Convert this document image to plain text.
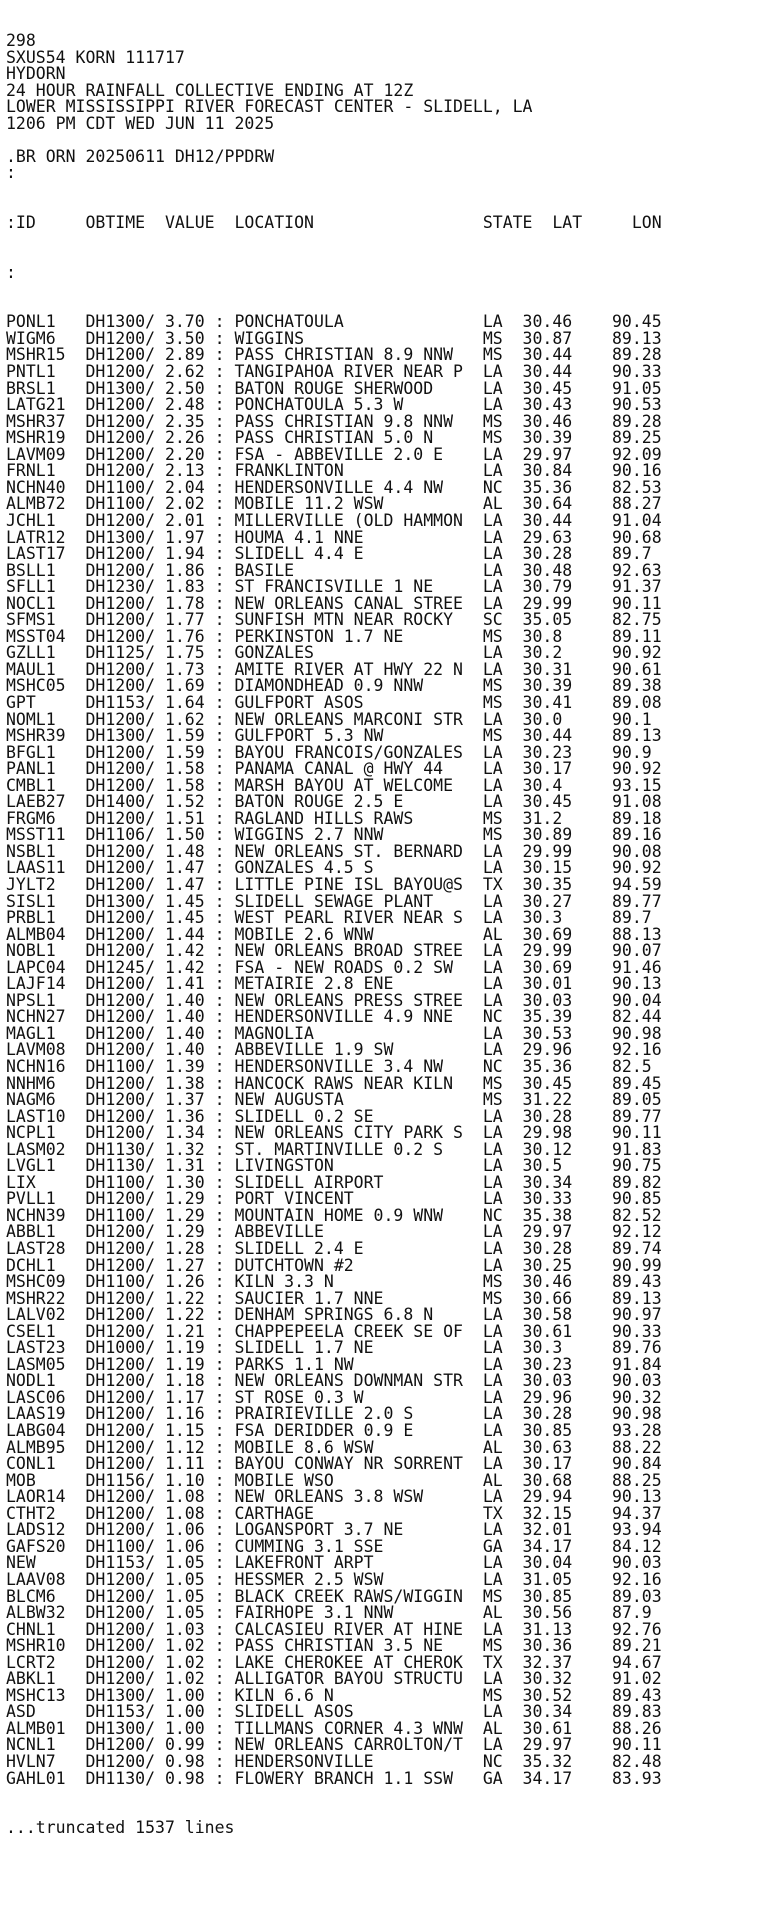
298
SXUS54 KORN 111717
HYDORN
24 HOUR RAINFALL COLLECTIVE ENDING AT 12Z
LOWER MISSISSIPPI RIVER FORECAST CENTER - SLIDELL, LA
1206 PM CDT WED JUN 11 2025
.BR ORN 20250611 DH12/PPDRW
:

:ID     OBTIME  VALUE  LOCATION                 STATE  LAT     LON

:

PONL1   DH1300/ 3.70 : PONCHATOULA              LA  30.46    90.45
WIGM6   DH1200/ 3.50 : WIGGINS                  MS  30.87    89.13
MSHR15  DH1200/ 2.89 : PASS CHRISTIAN 8.9 NNW   MS  30.44    89.28
PNTL1   DH1200/ 2.62 : TANGIPAHOA RIVER NEAR P  LA  30.44    90.33
BRSL1   DH1300/ 2.50 : BATON ROUGE SHERWOOD     LA  30.45    91.05
LATG21  DH1200/ 2.48 : PONCHATOULA 5.3 W        LA  30.43    90.53
MSHR37  DH1200/ 2.35 : PASS CHRISTIAN 9.8 NNW   MS  30.46    89.28
MSHR19  DH1200/ 2.26 : PASS CHRISTIAN 5.0 N     MS  30.39    89.25
LAVM09  DH1200/ 2.20 : FSA - ABBEVILLE 2.0 E    LA  29.97    92.09
FRNL1   DH1200/ 2.13 : FRANKLINTON              LA  30.84    90.16
NCHN40  DH1100/ 2.04 : HENDERSONVILLE 4.4 NW    NC  35.36    82.53
ALMB72  DH1100/ 2.02 : MOBILE 11.2 WSW          AL  30.64    88.27
JCHL1   DH1200/ 2.01 : MILLERVILLE (OLD HAMMON  LA  30.44    91.04
LATR12  DH1300/ 1.97 : HOUMA 4.1 NNE            LA  29.63    90.68
LAST17  DH1200/ 1.94 : SLIDELL 4.4 E            LA  30.28    89.7
BSLL1   DH1200/ 1.86 : BASILE                   LA  30.48    92.63
SFLL1   DH1230/ 1.83 : ST FRANCISVILLE 1 NE     LA  30.79    91.37
NOCL1   DH1200/ 1.78 : NEW ORLEANS CANAL STREE  LA  29.99    90.11
SFMS1   DH1200/ 1.77 : SUNFISH MTN NEAR ROCKY   SC  35.05    82.75
MSST04  DH1200/ 1.76 : PERKINSTON 1.7 NE        MS  30.8     89.11
GZLL1   DH1125/ 1.75 : GONZALES                 LA  30.2     90.92
MAUL1   DH1200/ 1.73 : AMITE RIVER AT HWY 22 N  LA  30.31    90.61
MSHC05  DH1200/ 1.69 : DIAMONDHEAD 0.9 NNW      MS  30.39    89.38
GPT     DH1153/ 1.64 : GULFPORT ASOS            MS  30.41    89.08
NOML1   DH1200/ 1.62 : NEW ORLEANS MARCONI STR  LA  30.0     90.1
MSHR39  DH1300/ 1.59 : GULFPORT 5.3 NW          MS  30.44    89.13
BFGL1   DH1200/ 1.59 : BAYOU FRANCOIS/GONZALES  LA  30.23    90.9
PANL1   DH1200/ 1.58 : PANAMA CANAL @ HWY 44    LA  30.17    90.92
CMBL1   DH1200/ 1.58 : MARSH BAYOU AT WELCOME   LA  30.4     93.15
LAEB27  DH1400/ 1.52 : BATON ROUGE 2.5 E        LA  30.45    91.08
FRGM6   DH1200/ 1.51 : RAGLAND HILLS RAWS       MS  31.2     89.18
MSST11  DH1106/ 1.50 : WIGGINS 2.7 NNW          MS  30.89    89.16
NSBL1   DH1200/ 1.48 : NEW ORLEANS ST. BERNARD  LA  29.99    90.08
LAAS11  DH1200/ 1.47 : GONZALES 4.5 S           LA  30.15    90.92
JYLT2   DH1200/ 1.47 : LITTLE PINE ISL BAYOU@S  TX  30.35    94.59
SISL1   DH1300/ 1.45 : SLIDELL SEWAGE PLANT     LA  30.27    89.77
PRBL1   DH1200/ 1.45 : WEST PEARL RIVER NEAR S  LA  30.3     89.7
ALMB04  DH1200/ 1.44 : MOBILE 2.6 WNW           AL  30.69    88.13
NOBL1   DH1200/ 1.42 : NEW ORLEANS BROAD STREE  LA  29.99    90.07
LAPC04  DH1245/ 1.42 : FSA - NEW ROADS 0.2 SW   LA  30.69    91.46
LAJF14  DH1200/ 1.41 : METAIRIE 2.8 ENE         LA  30.01    90.13
NPSL1   DH1200/ 1.40 : NEW ORLEANS PRESS STREE  LA  30.03    90.04
NCHN27  DH1200/ 1.40 : HENDERSONVILLE 4.9 NNE   NC  35.39    82.44
MAGL1   DH1200/ 1.40 : MAGNOLIA                 LA  30.53    90.98
LAVM08  DH1200/ 1.40 : ABBEVILLE 1.9 SW         LA  29.96    92.16
NCHN16  DH1100/ 1.39 : HENDERSONVILLE 3.4 NW    NC  35.36    82.5
NNHM6   DH1200/ 1.38 : HANCOCK RAWS NEAR KILN   MS  30.45    89.45
NAGM6   DH1200/ 1.37 : NEW AUGUSTA              MS  31.22    89.05
LAST10  DH1200/ 1.36 : SLIDELL 0.2 SE           LA  30.28    89.77
NCPL1   DH1200/ 1.34 : NEW ORLEANS CITY PARK S  LA  29.98    90.11
LASM02  DH1130/ 1.32 : ST. MARTINVILLE 0.2 S    LA  30.12    91.83
LVGL1   DH1130/ 1.31 : LIVINGSTON               LA  30.5     90.75
LIX     DH1100/ 1.30 : SLIDELL AIRPORT          LA  30.34    89.82
PVLL1   DH1200/ 1.29 : PORT VINCENT             LA  30.33    90.85
NCHN39  DH1100/ 1.29 : MOUNTAIN HOME 0.9 WNW    NC  35.38    82.52
ABBL1   DH1200/ 1.29 : ABBEVILLE                LA  29.97    92.12
LAST28  DH1200/ 1.28 : SLIDELL 2.4 E            LA  30.28    89.74
DCHL1   DH1200/ 1.27 : DUTCHTOWN #2             LA  30.25    90.99
MSHC09  DH1100/ 1.26 : KILN 3.3 N               MS  30.46    89.43
MSHR22  DH1200/ 1.22 : SAUCIER 1.7 NNE          MS  30.66    89.13
LALV02  DH1200/ 1.22 : DENHAM SPRINGS 6.8 N     LA  30.58    90.97
CSEL1   DH1200/ 1.21 : CHAPPEPEELA CREEK SE OF  LA  30.61    90.33
LAST23  DH1000/ 1.19 : SLIDELL 1.7 NE           LA  30.3     89.76
LASM05  DH1200/ 1.19 : PARKS 1.1 NW             LA  30.23    91.84
NODL1   DH1200/ 1.18 : NEW ORLEANS DOWNMAN STR  LA  30.03    90.03
LASC06  DH1200/ 1.17 : ST ROSE 0.3 W            LA  29.96    90.32
LAAS19  DH1200/ 1.16 : PRAIRIEVILLE 2.0 S       LA  30.28    90.98
LABG04  DH1200/ 1.15 : FSA DERIDDER 0.9 E       LA  30.85    93.28
ALMB95  DH1200/ 1.12 : MOBILE 8.6 WSW           AL  30.63    88.22
CONL1   DH1200/ 1.11 : BAYOU CONWAY NR SORRENT  LA  30.17    90.84
MOB     DH1156/ 1.10 : MOBILE WSO               AL  30.68    88.25
LAOR14  DH1200/ 1.08 : NEW ORLEANS 3.8 WSW      LA  29.94    90.13
CTHT2   DH1200/ 1.08 : CARTHAGE                 TX  32.15    94.37
LADS12  DH1200/ 1.06 : LOGANSPORT 3.7 NE        LA  32.01    93.94
GAFS20  DH1100/ 1.06 : CUMMING 3.1 SSE          GA  34.17    84.12
NEW     DH1153/ 1.05 : LAKEFRONT ARPT           LA  30.04    90.03
LAAV08  DH1200/ 1.05 : HESSMER 2.5 WSW          LA  31.05    92.16
BLCM6   DH1200/ 1.05 : BLACK CREEK RAWS/WIGGIN  MS  30.85    89.03
ALBW32  DH1200/ 1.05 : FAIRHOPE 3.1 NNW         AL  30.56    87.9
CHNL1   DH1200/ 1.03 : CALCASIEU RIVER AT HINE  LA  31.13    92.76
MSHR10  DH1200/ 1.02 : PASS CHRISTIAN 3.5 NE    MS  30.36    89.21
LCRT2   DH1200/ 1.02 : LAKE CHEROKEE AT CHEROK  TX  32.37    94.67
ABKL1   DH1200/ 1.02 : ALLIGATOR BAYOU STRUCTU  LA  30.32    91.02
MSHC13  DH1300/ 1.00 : KILN 6.6 N               MS  30.52    89.43
ASD     DH1153/ 1.00 : SLIDELL ASOS             LA  30.34    89.83
ALMB01  DH1300/ 1.00 : TILLMANS CORNER 4.3 WNW  AL  30.61    88.26
NCNL1   DH1200/ 0.99 : NEW ORLEANS CARROLTON/T  LA  29.97    90.11
HVLN7   DH1200/ 0.98 : HENDERSONVILLE           NC  35.32    82.48
GAHL01  DH1130/ 0.98 : FLOWERY BRANCH 1.1 SSW   GA  34.17    83.93

...truncated 1537 lines
